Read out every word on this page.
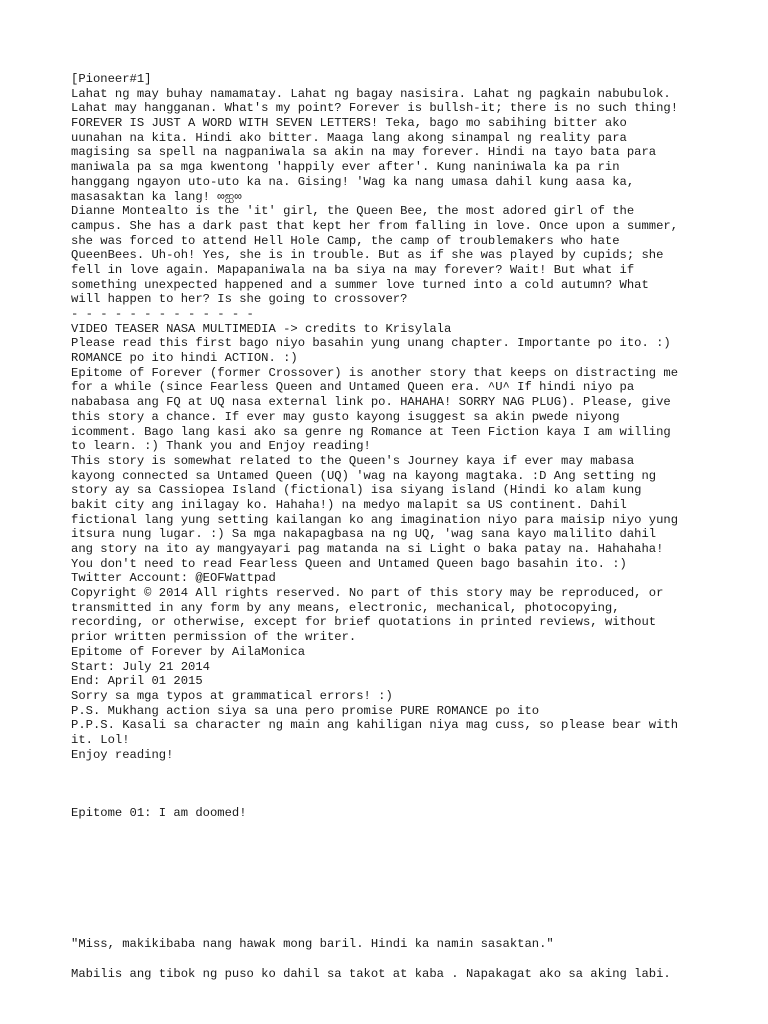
[Pioneer#1]
Lahat ng may buhay namamatay. Lahat ng bagay nasisira. Lahat ng pagkain nabubulok.
Lahat may hangganan. What's my point? Forever is bullsh-it; there is no such thing!
FOREVER IS JUST A WORD WITH SEVEN LETTERS! Teka, bago mo sabihing bitter ako
uunahan na kita. Hindi ako bitter. Maaga lang akong sinampal ng reality para
magising sa spell na nagpaniwala sa akin na may forever. Hindi na tayo bata para
maniwala pa sa mga kwentong 'happily ever after'. Kung naniniwala ka pa rin
hanggang ngayon uto-uto ka na. Gising! 'Wag ka nang umasa dahil kung aasa ka,
masasaktan ka lang! ∞ஐ∞
Dianne Montealto is the 'it' girl, the Queen Bee, the most adored girl of the
campus. She has a dark past that kept her from falling in love. Once upon a summer,
she was forced to attend Hell Hole Camp, the camp of troublemakers who hate
QueenBees. Uh-oh! Yes, she is in trouble. But as if she was played by cupids; she
fell in love again. Mapapaniwala na ba siya na may forever? Wait! But what if
something unexpected happened and a summer love turned into a cold autumn? What
will happen to her? Is she going to crossover?
- - - - - - - - - - - - -
VIDEO TEASER NASA MULTIMEDIA -> credits to Krisylala
Please read this first bago niyo basahin yung unang chapter. Importante po ito. :)
ROMANCE po ito hindi ACTION. :)
Epitome of Forever (former Crossover) is another story that keeps on distracting me
for a while (since Fearless Queen and Untamed Queen era. ^U^ If hindi niyo pa
nababasa ang FQ at UQ nasa external link po. HAHAHA! SORRY NAG PLUG). Please, give
this story a chance. If ever may gusto kayong isuggest sa akin pwede niyong
icomment. Bago lang kasi ako sa genre ng Romance at Teen Fiction kaya I am willing
to learn. :) Thank you and Enjoy reading!
This story is somewhat related to the Queen's Journey kaya if ever may mabasa
kayong connected sa Untamed Queen (UQ) 'wag na kayong magtaka. :D Ang setting ng
story ay sa Cassiopea Island (fictional) isa siyang island (Hindi ko alam kung
bakit city ang inilagay ko. Hahaha!) na medyo malapit sa US continent. Dahil
fictional lang yung setting kailangan ko ang imagination niyo para maisip niyo yung
itsura nung lugar. :) Sa mga nakapagbasa na ng UQ, 'wag sana kayo malilito dahil
ang story na ito ay mangyayari pag matanda na si Light o baka patay na. Hahahaha!
You don't need to read Fearless Queen and Untamed Queen bago basahin ito. :)
Twitter Account: @EOFWattpad
Copyright © 2014 All rights reserved. No part of this story may be reproduced, or
transmitted in any form by any means, electronic, mechanical, photocopying,
recording, or otherwise, except for brief quotations in printed reviews, without
prior written permission of the writer.
Epitome of Forever by AilaMonica
Start: July 21 2014
End: April 01 2015
Sorry sa mga typos at grammatical errors! :)
P.S. Mukhang action siya sa una pero promise PURE ROMANCE po ito
P.P.S. Kasali sa character ng main ang kahiligan niya mag cuss, so please bear with
it. Lol!
Enjoy reading!
Epitome 01: I am doomed!
"Miss, makikibaba nang hawak mong baril. Hindi ka namin sasaktan."
Mabilis ang tibok ng puso ko dahil sa takot at kaba . Napakagat ako sa aking labi.
